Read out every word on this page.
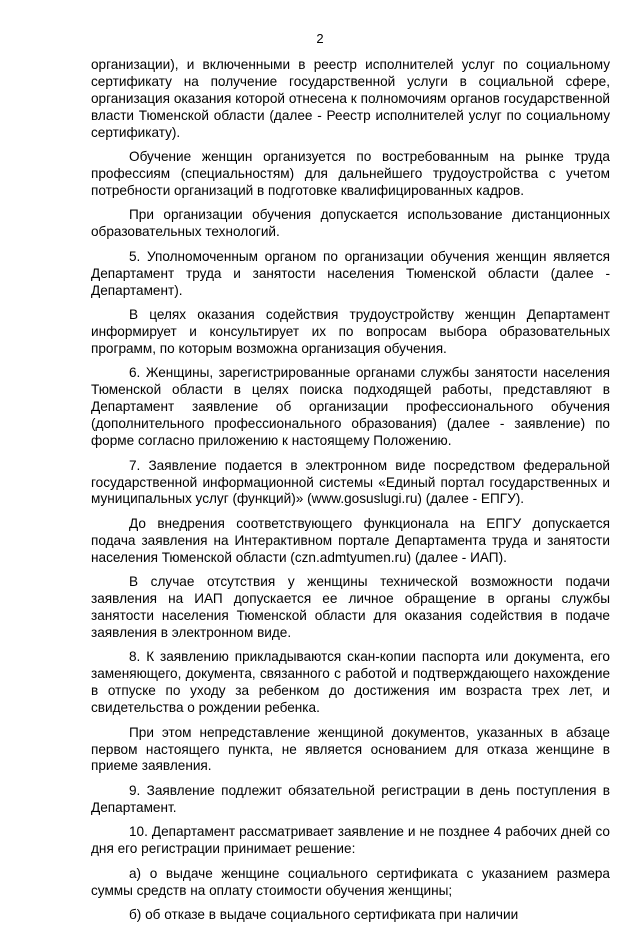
2

организации), и включенными в реестр исполнителей услуг по социальному сертификату на получение государственной услуги в социальной сфере, организация оказания которой отнесена к полномочиям органов государственной власти Тюменской области (далее - Реестр исполнителей услуг по социальному сертификату).

Обучение женщин организуется по востребованным на рынке труда профессиям (специальностям) для дальнейшего трудоустройства с учетом потребности организаций в подготовке квалифицированных кадров.

При организации обучения допускается использование дистанционных образовательных технологий.

5. Уполномоченным органом по организации обучения женщин является Департамент труда и занятости населения Тюменской области (далее - Департамент).

В целях оказания содействия трудоустройству женщин Департамент информирует и консультирует их по вопросам выбора образовательных программ, по которым возможна организация обучения.

6. Женщины, зарегистрированные органами службы занятости населения Тюменской области в целях поиска подходящей работы, представляют в Департамент заявление об организации профессионального обучения (дополнительного профессионального образования) (далее - заявление) по форме согласно приложению к настоящему Положению.

7. Заявление подается в электронном виде посредством федеральной государственной информационной системы «Единый портал государственных и муниципальных услуг (функций)» (www.gosuslugi.ru) (далее - ЕПГУ).

До внедрения соответствующего функционала на ЕПГУ допускается подача заявления на Интерактивном портале Департамента труда и занятости населения Тюменской области (czn.admtyumen.ru) (далее - ИАП).

В случае отсутствия у женщины технической возможности подачи заявления на ИАП допускается ее личное обращение в органы службы занятости населения Тюменской области для оказания содействия в подаче заявления в электронном виде.

8. К заявлению прикладываются скан-копии паспорта или документа, его заменяющего, документа, связанного с работой и подтверждающего нахождение в отпуске по уходу за ребенком до достижения им возраста трех лет, и свидетельства о рождении ребенка.

При этом непредставление женщиной документов, указанных в абзаце первом настоящего пункта, не является основанием для отказа женщине в приеме заявления.

9. Заявление подлежит обязательной регистрации в день поступления в Департамент.

10. Департамент рассматривает заявление и не позднее 4 рабочих дней со дня его регистрации принимает решение:

а) о выдаче женщине социального сертификата с указанием размера суммы средств на оплату стоимости обучения женщины;

б) об отказе в выдаче социального сертификата при наличии
